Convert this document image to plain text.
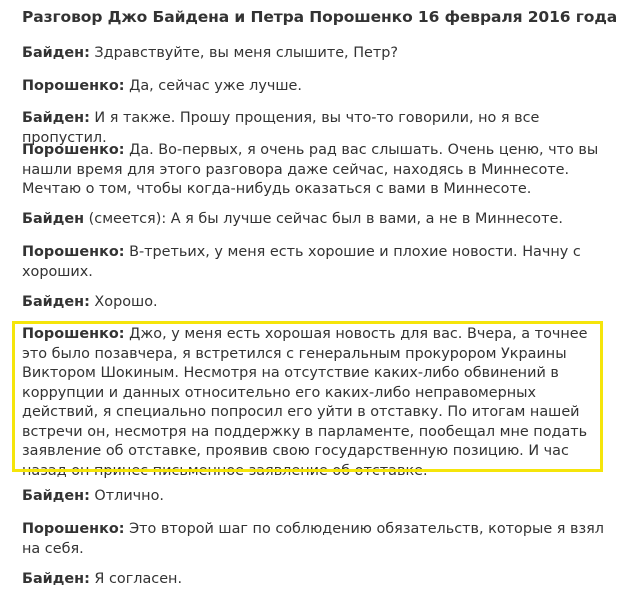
Разговор Джо Байдена и Петра Порошенко 16 февраля 2016 года

Байден: Здравствуйте, вы меня слышите, Петр?

Порошенко: Да, сейчас уже лучше.

Байден: И я также. Прошу прощения, вы что-то говорили, но я все пропустил.

Порошенко: Да. Во-первых, я очень рад вас слышать. Очень ценю, что вы нашли время для этого разговора даже сейчас, находясь в Миннесоте. Мечтаю о том, чтобы когда-нибудь оказаться с вами в Миннесоте.

Байден (смеется): А я бы лучше сейчас был в вами, а не в Миннесоте.

Порошенко: В-третьих, у меня есть хорошие и плохие новости. Начну с хороших.

Байден: Хорошо.

Порошенко: Джо, у меня есть хорошая новость для вас. Вчера, а точнее это было позавчера, я встретился с генеральным прокурором Украины Виктором Шокиным. Несмотря на отсутствие каких-либо обвинений в коррупции и данных относительно его каких-либо неправомерных действий, я специально попросил его уйти в отставку. По итогам нашей встречи он, несмотря на поддержку в парламенте, пообещал мне подать заявление об отставке, проявив свою государственную позицию. И час назад он принес письменное заявление об отставке.

Байден: Отлично.

Порошенко: Это второй шаг по соблюдению обязательств, которые я взял на себя.

Байден: Я согласен.
